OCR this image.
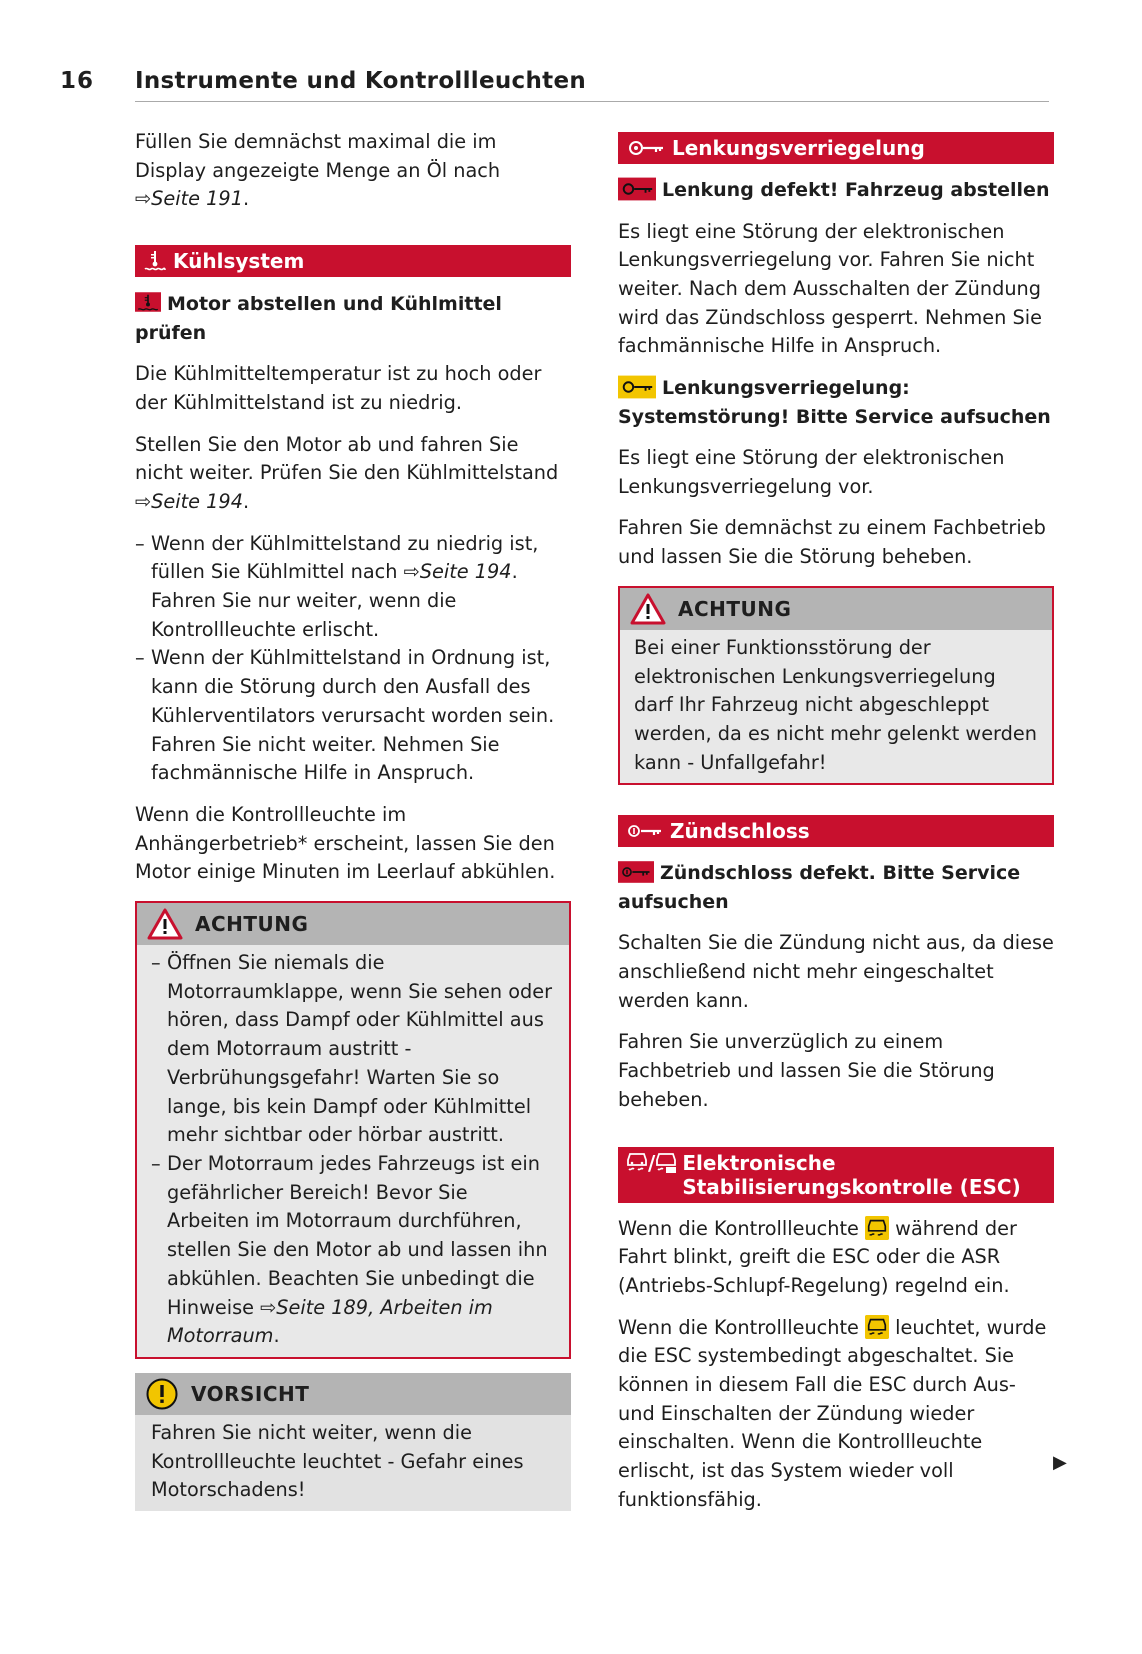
16 Instrumente und Kontrollleuchten

Füllen Sie demnächst maximal die im Display angezeigte Menge an Öl nach ⇨Seite 191.

Kühlsystem
Motor abstellen und Kühlmittel prüfen

Die Kühlmitteltemperatur ist zu hoch oder der Kühlmittelstand ist zu niedrig.

Stellen Sie den Motor ab und fahren Sie nicht weiter. Prüfen Sie den Kühlmittelstand ⇨Seite 194.

– Wenn der Kühlmittelstand zu niedrig ist, füllen Sie Kühlmittel nach ⇨Seite 194. Fahren Sie nur weiter, wenn die Kontrollleuchte erlischt.
– Wenn der Kühlmittelstand in Ordnung ist, kann die Störung durch den Ausfall des Kühlerventilators verursacht worden sein. Fahren Sie nicht weiter. Nehmen Sie fachmännische Hilfe in Anspruch.

Wenn die Kontrollleuchte im Anhängerbetrieb* erscheint, lassen Sie den Motor einige Minuten im Leerlauf abkühlen.

ACHTUNG
– Öffnen Sie niemals die Motorraumklappe, wenn Sie sehen oder hören, dass Dampf oder Kühlmittel aus dem Motorraum austritt - Verbrühungsgefahr! Warten Sie so lange, bis kein Dampf oder Kühlmittel mehr sichtbar oder hörbar austritt.
– Der Motorraum jedes Fahrzeugs ist ein gefährlicher Bereich! Bevor Sie Arbeiten im Motorraum durchführen, stellen Sie den Motor ab und lassen ihn abkühlen. Beachten Sie unbedingt die Hinweise ⇨Seite 189, Arbeiten im Motorraum.
VORSICHT
Fahren Sie nicht weiter, wenn die Kontrollleuchte leuchtet - Gefahr eines Motorschadens!
Lenkungsverriegelung
Lenkung defekt! Fahrzeug abstellen

Es liegt eine Störung der elektronischen Lenkungsverriegelung vor. Fahren Sie nicht weiter. Nach dem Ausschalten der Zündung wird das Zündschloss gesperrt. Nehmen Sie fachmännische Hilfe in Anspruch.

Lenkungsverriegelung: Systemstörung! Bitte Service aufsuchen

Es liegt eine Störung der elektronischen Lenkungsverriegelung vor.

Fahren Sie demnächst zu einem Fachbetrieb und lassen Sie die Störung beheben.

ACHTUNG
Bei einer Funktionsstörung der elektronischen Lenkungsverriegelung darf Ihr Fahrzeug nicht abgeschleppt werden, da es nicht mehr gelenkt werden kann - Unfallgefahr!
Zündschloss
Zündschloss defekt. Bitte Service aufsuchen

Schalten Sie die Zündung nicht aus, da diese anschließend nicht mehr eingeschaltet werden kann.

Fahren Sie unverzüglich zu einem Fachbetrieb und lassen Sie die Störung beheben.

/ Elektronische Stabilisierungskontrolle (ESC)

Wenn die Kontrollleuchte  während der Fahrt blinkt, greift die ESC oder die ASR (Antriebs-Schlupf-Regelung) regelnd ein.

Wenn die Kontrollleuchte  leuchtet, wurde die ESC systembedingt abgeschaltet. Sie können in diesem Fall die ESC durch Aus- und Einschalten der Zündung wieder einschalten. Wenn die Kontrollleuchte erlischt, ist das System wieder voll funktionsfähig.

▶
